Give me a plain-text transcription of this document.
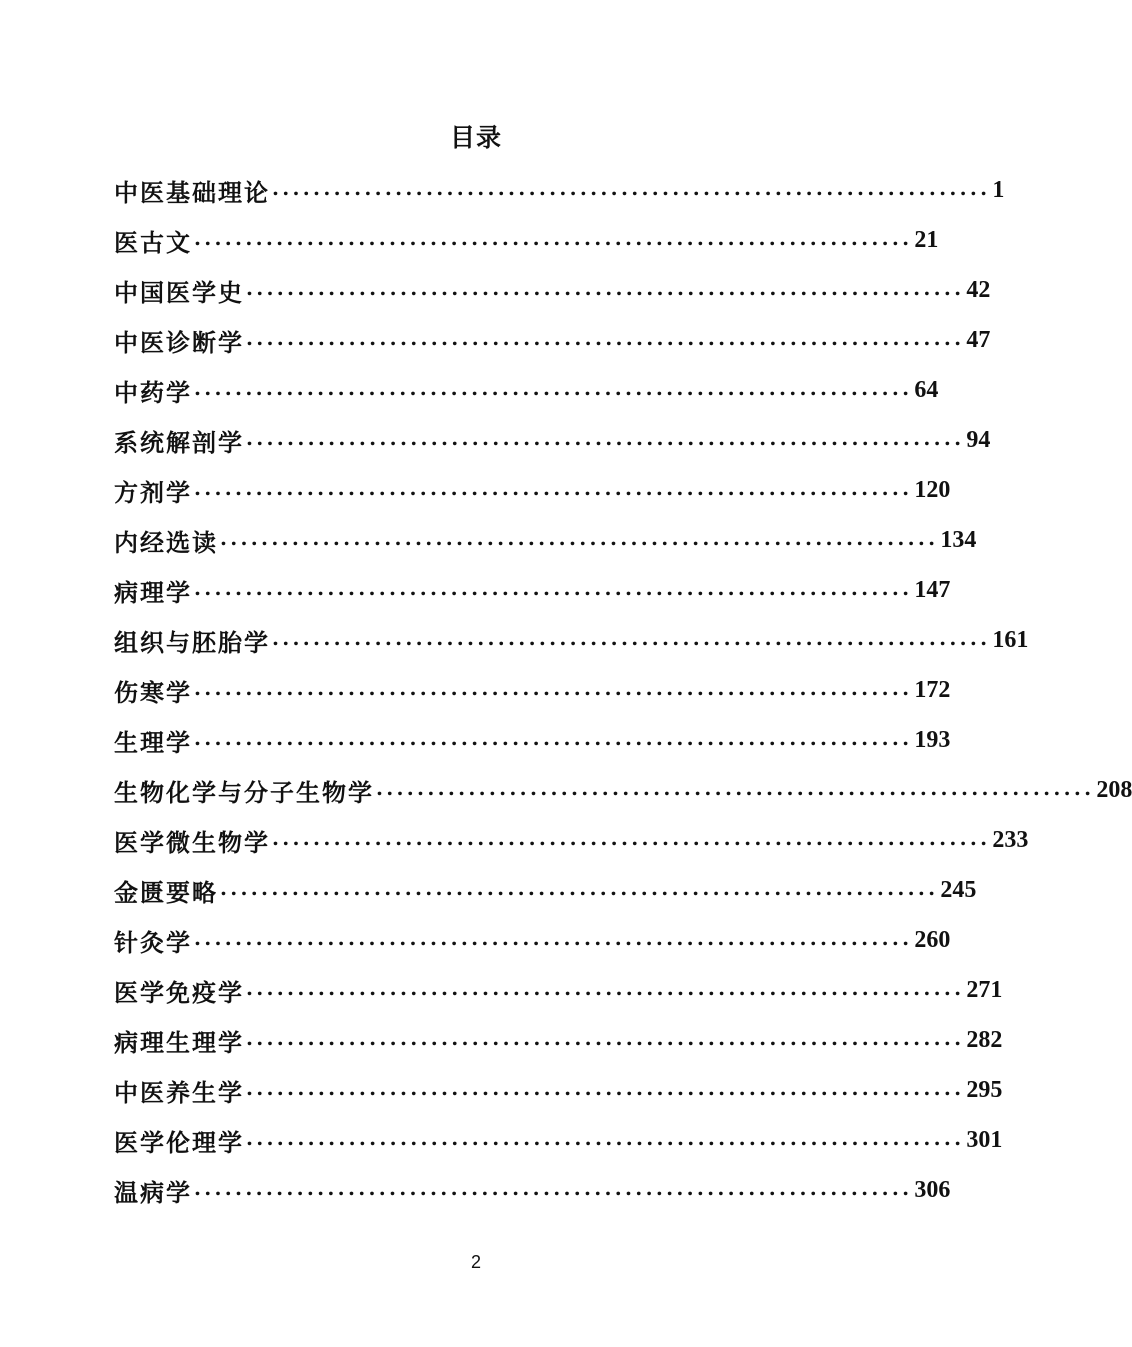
目录
中医基础理论 ...................................................................... 1
医古文 ...................................................................... 21
中国医学史 ...................................................................... 42
中医诊断学 ...................................................................... 47
中药学 ...................................................................... 64
系统解剖学 ...................................................................... 94
方剂学 ...................................................................... 120
内经选读 ...................................................................... 134
病理学 ...................................................................... 147
组织与胚胎学 ...................................................................... 161
伤寒学 ...................................................................... 172
生理学 ...................................................................... 193
生物化学与分子生物学 ...................................................................... 208
医学微生物学 ...................................................................... 233
金匮要略 ...................................................................... 245
针灸学 ...................................................................... 260
医学免疫学 ...................................................................... 271
病理生理学 ...................................................................... 282
中医养生学 ...................................................................... 295
医学伦理学 ...................................................................... 301
温病学 ...................................................................... 306
2
